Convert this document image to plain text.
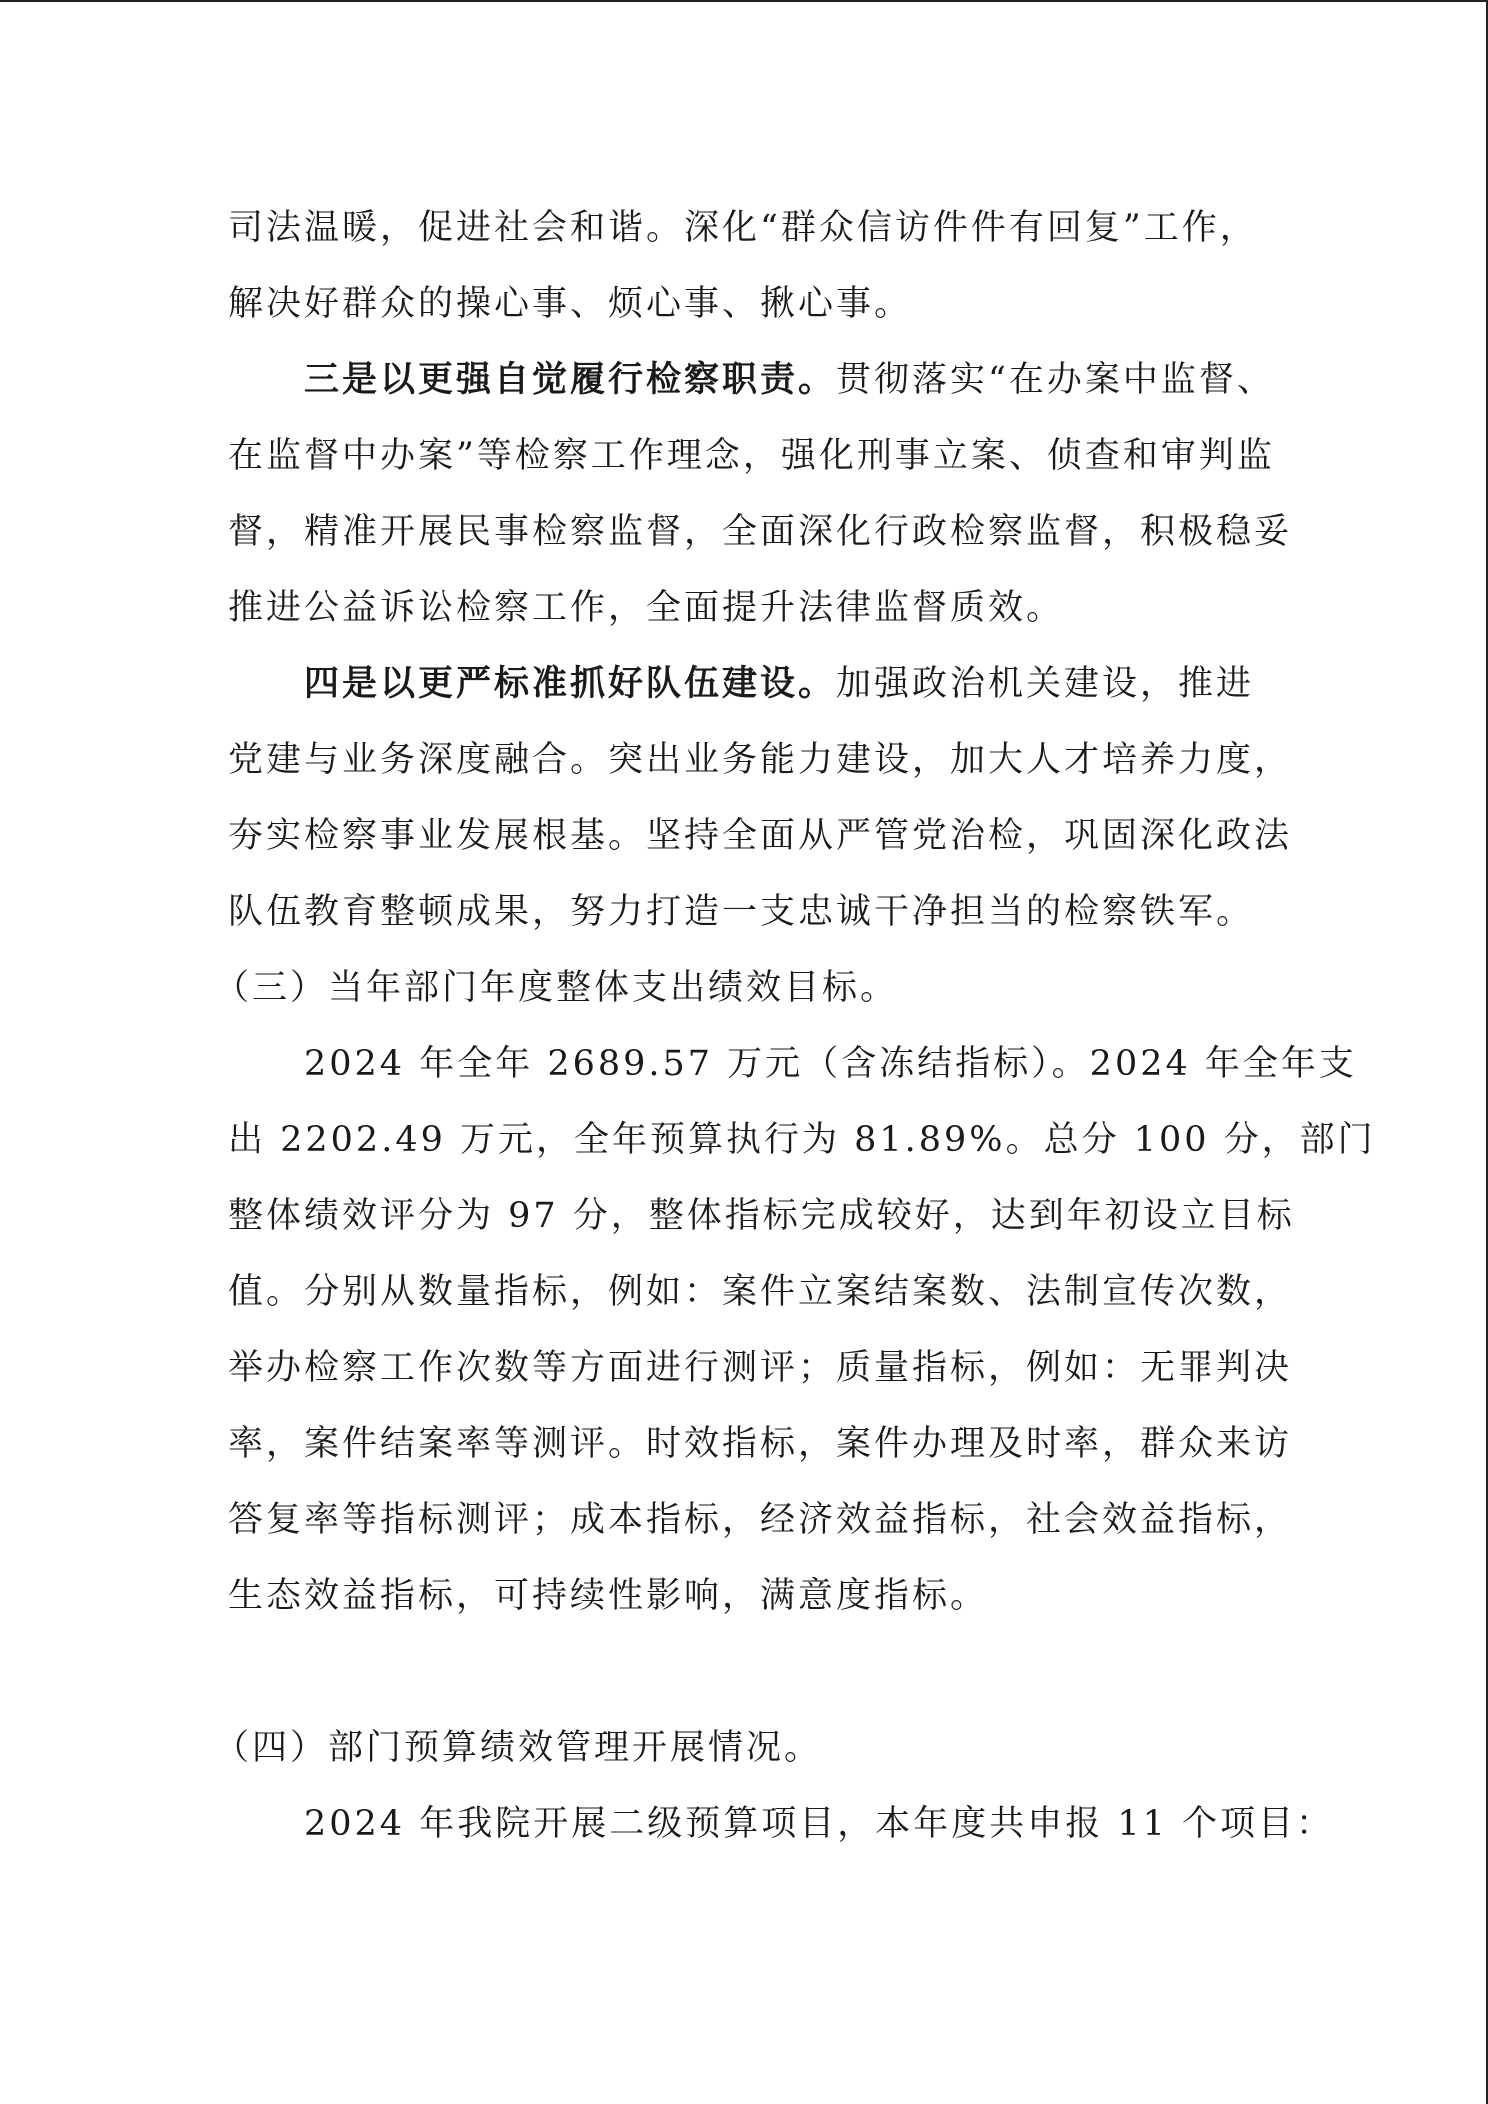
司法温暖，促进社会和谐。深化“群众信访件件有回复”工作，
解决好群众的操心事、烦心事、揪心事。

三是以更强自觉履行检察职责。贯彻落实“在办案中监督、
在监督中办案”等检察工作理念，强化刑事立案、侦查和审判监
督，精准开展民事检察监督，全面深化行政检察监督，积极稳妥
推进公益诉讼检察工作，全面提升法律监督质效。

四是以更严标准抓好队伍建设。加强政治机关建设，推进
党建与业务深度融合。突出业务能力建设，加大人才培养力度，
夯实检察事业发展根基。坚持全面从严管党治检，巩固深化政法
队伍教育整顿成果，努力打造一支忠诚干净担当的检察铁军。

（三）当年部门年度整体支出绩效目标。

2024 年全年 2689.57 万元（含冻结指标）。2024 年全年支
出 2202.49 万元，全年预算执行为 81.89%。总分 100 分，部门
整体绩效评分为 97 分，整体指标完成较好，达到年初设立目标
值。分别从数量指标，例如：案件立案结案数、法制宣传次数，
举办检察工作次数等方面进行测评；质量指标，例如：无罪判决
率，案件结案率等测评。时效指标，案件办理及时率，群众来访
答复率等指标测评；成本指标，经济效益指标，社会效益指标，
生态效益指标，可持续性影响，满意度指标。

（四）部门预算绩效管理开展情况。

2024 年我院开展二级预算项目，本年度共申报 11 个项目：
